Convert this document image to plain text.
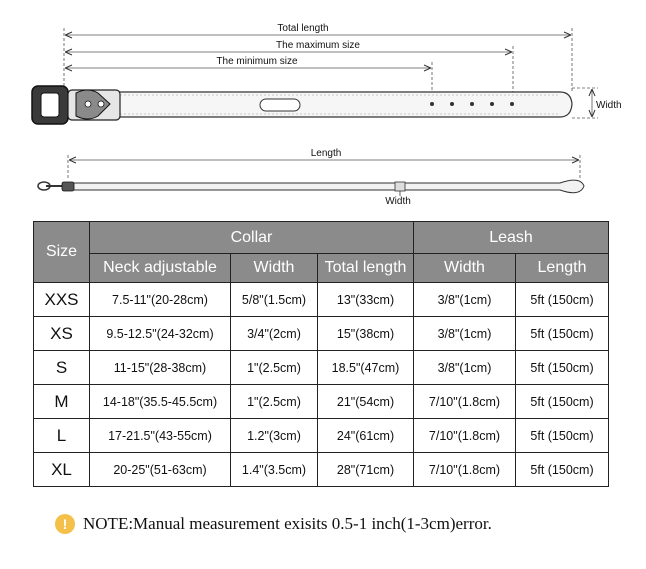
Total length
The maximum size
The minimum size
Width
Length
Width
Size	Collar			Leash	
	Neck adjustable	Width	Total length	Width	Length
XXS	7.5-11"(20-28cm)	5/8"(1.5cm)	13"(33cm)	3/8"(1cm)	5ft (150cm)
XS	9.5-12.5"(24-32cm)	3/4"(2cm)	15"(38cm)	3/8"(1cm)	5ft (150cm)
S	11-15"(28-38cm)	1"(2.5cm)	18.5"(47cm)	3/8"(1cm)	5ft (150cm)
M	14-18"(35.5-45.5cm)	1"(2.5cm)	21"(54cm)	7/10"(1.8cm)	5ft (150cm)
L	17-21.5"(43-55cm)	1.2"(3cm)	24"(61cm)	7/10"(1.8cm)	5ft (150cm)
XL	20-25"(51-63cm)	1.4"(3.5cm)	28"(71cm)	7/10"(1.8cm)	5ft (150cm)
! NOTE:Manual measurement exisits 0.5-1 inch(1-3cm)error.
